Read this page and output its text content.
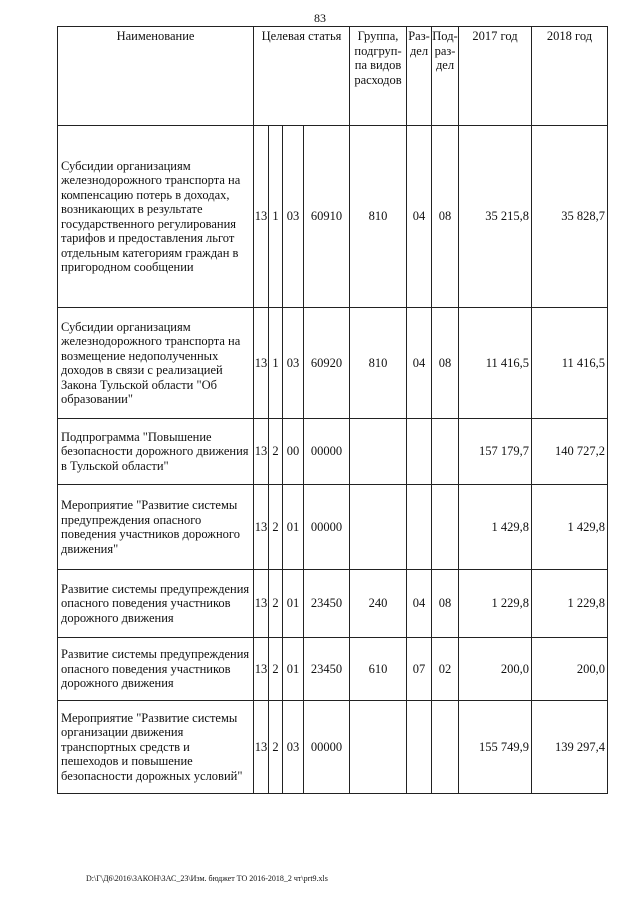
83
Наименование	Целевая статья				Группа, подгруп-па видов расходов	Раз-дел	Под-раз-дел	2017 год	2018 год
Субсидии организациям железнодорожного транспорта на компенсацию потерь в доходах, возникающих в результате государственного регулирования тарифов и предоставления льгот отдельным категориям граждан в пригородном сообщении	13	1	03	60910	810	04	08	35 215,8	35 828,7
Субсидии организациям железнодорожного транспорта на возмещение недополученных доходов в связи с реализацией Закона Тульской области "Об образовании"	13	1	03	60920	810	04	08	11 416,5	11 416,5
Подпрограмма "Повышение безопасности дорожного движения в Тульской области"	13	2	00	00000				157 179,7	140 727,2
Мероприятие "Развитие системы предупреждения опасного поведения участников дорожного движения"	13	2	01	00000				1 429,8	1 429,8
Развитие системы предупреждения опасного поведения участников дорожного движения	13	2	01	23450	240	04	08	1 229,8	1 229,8
Развитие системы предупреждения опасного поведения участников дорожного движения	13	2	01	23450	610	07	02	200,0	200,0
Мероприятие "Развитие системы организации движения транспортных средств и пешеходов и повышение безопасности дорожных условий"	13	2	03	00000				155 749,9	139 297,4
D:\Г\Д6\2016\ЗАКОН\ЗАС_23\Изм. бюджет ТО 2016-2018_2 чт\prt9.xls
